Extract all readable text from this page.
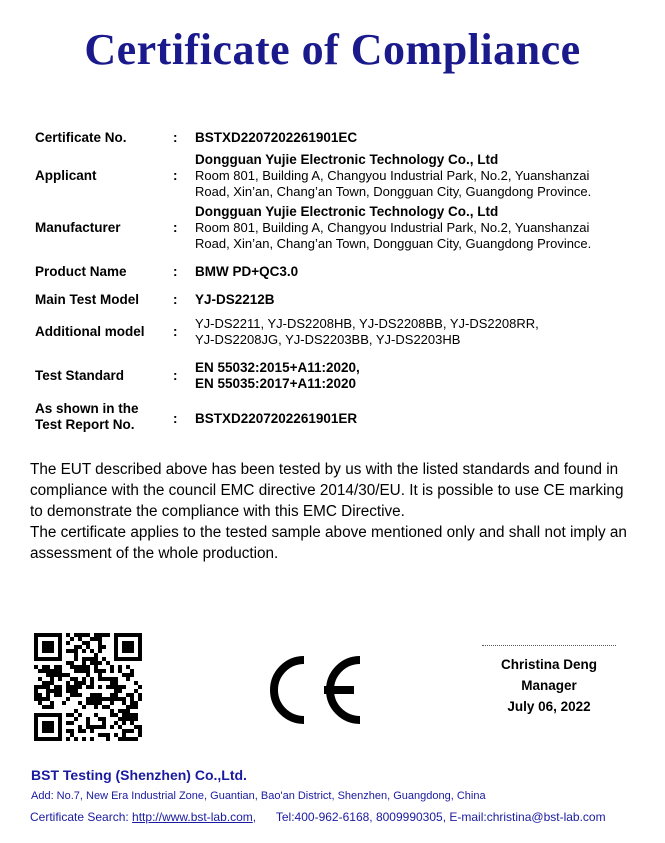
Certificate of Compliance
Certificate No.	: BSTXD2207202261901EC
Applicant	:
Dongguan Yujie Electronic Technology Co., Ltd
Room 801, Building A, Changyou Industrial Park, No.2, Yuanshanzai
Road, Xin’an, Chang’an Town, Dongguan City, Guangdong Province.
Manufacturer	:
Dongguan Yujie Electronic Technology Co., Ltd
Room 801, Building A, Changyou Industrial Park, No.2, Yuanshanzai
Road, Xin’an, Chang’an Town, Dongguan City, Guangdong Province.
Product Name	: BMW PD+QC3.0
Main Test Model	: YJ-DS2212B
Additional model :
YJ-DS2211, YJ-DS2208HB, YJ-DS2208BB, YJ-DS2208RR,
YJ-DS2208JG, YJ-DS2203BB, YJ-DS2203HB
Test Standard	:
EN 55032:2015+A11:2020,
EN 55035:2017+A11:2020
As shown in the
Test Report No.	: BSTXD2207202261901ER

The EUT described above has been tested by us with the listed standards and found in compliance with the council EMC directive 2014/30/EU. It is possible to use CE marking to demonstrate the compliance with this EMC Directive.

The certificate applies to the tested sample above mentioned only and shall not imply an assessment of the whole production.

Christina Deng
Manager
July 06, 2022
BST Testing (Shenzhen) Co.,Ltd.
Add: No.7, New Era Industrial Zone, Guantian, Bao'an District, Shenzhen, Guangdong, China
Certificate Search: http://www.bst-lab.com,      Tel:400-962-6168, 8009990305, E-mail:christina@bst-lab.com
